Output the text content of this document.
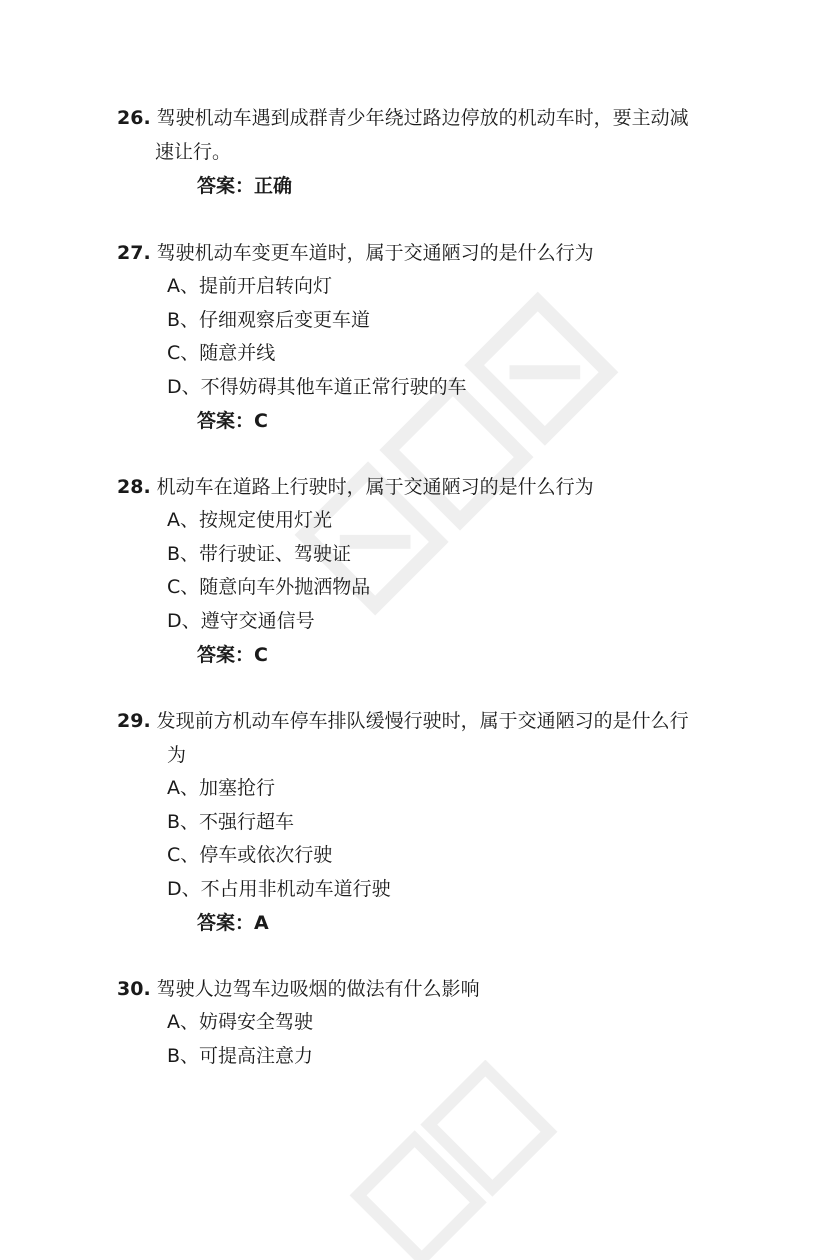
26. 驾驶机动车遇到成群青少年绕过路边停放的机动车时，要主动减
速让行。
答案：正确
27. 驾驶机动车变更车道时，属于交通陋习的是什么行为
A、提前开启转向灯
B、仔细观察后变更车道
C、随意并线
D、不得妨碍其他车道正常行驶的车
答案：C
28. 机动车在道路上行驶时，属于交通陋习的是什么行为
A、按规定使用灯光
B、带行驶证、驾驶证
C、随意向车外抛洒物品
D、遵守交通信号
答案：C
29. 发现前方机动车停车排队缓慢行驶时，属于交通陋习的是什么行
为
A、加塞抢行
B、不强行超车
C、停车或依次行驶
D、不占用非机动车道行驶
答案：A
30. 驾驶人边驾车边吸烟的做法有什么影响
A、妨碍安全驾驶
B、可提高注意力
